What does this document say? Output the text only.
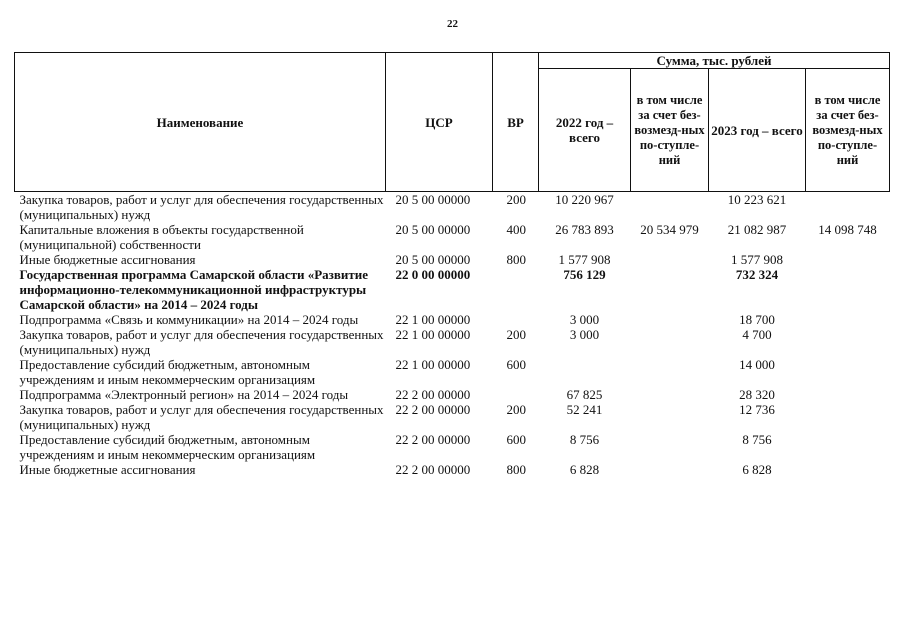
22
Наименование	ЦСР	ВР	Сумма, тыс. рублей			
			2022 год – всего	в том числе за счет без-возмезд-ных по-ступле-ний	2023 год – всего	в том числе за счет без-возмезд-ных по-ступле-ний
Закупка товаров, работ и услуг для обеспечения государственных (муниципальных) нужд	20 5 00 00000	200	10 220 967		10 223 621	
Капитальные вложения в объекты государственной (муниципальной) собственности	20 5 00 00000	400	26 783 893	20 534 979	21 082 987	14 098 748
Иные бюджетные ассигнования	20 5 00 00000	800	1 577 908		1 577 908	
Государственная программа Самарской области «Развитие информационно-телекоммуникационной инфраструктуры Самарской области» на 2014 – 2024 годы	22 0 00 00000		756 129		732 324	
Подпрограмма «Связь и коммуникации» на 2014 – 2024 годы	22 1 00 00000		3 000		18 700	
Закупка товаров, работ и услуг для обеспечения государственных (муниципальных) нужд	22 1 00 00000	200	3 000		4 700	
Предоставление субсидий бюджетным, автономным учреждениям и иным некоммерческим организациям	22 1 00 00000	600			14 000	
Подпрограмма «Электронный регион» на 2014 – 2024 годы	22 2 00 00000		67 825		28 320	
Закупка товаров, работ и услуг для обеспечения государственных (муниципальных) нужд	22 2 00 00000	200	52 241		12 736	
Предоставление субсидий бюджетным, автономным учреждениям и иным некоммерческим организациям	22 2 00 00000	600	8 756		8 756	
Иные бюджетные ассигнования	22 2 00 00000	800	6 828		6 828	
